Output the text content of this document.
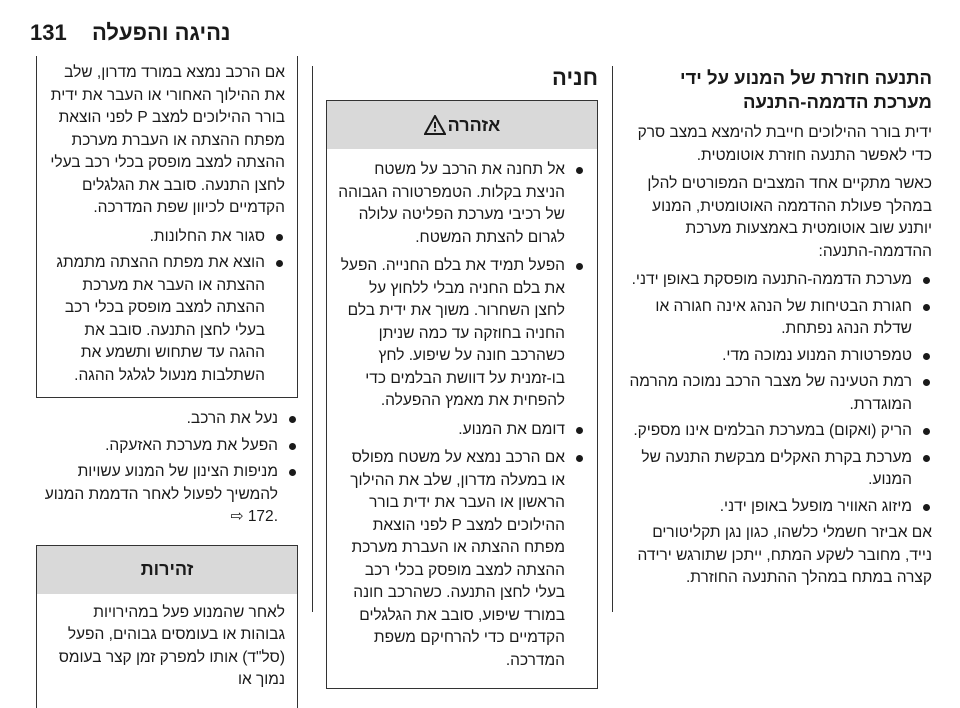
131 נהיגה והפעלה
התנעה חוזרת של המנוע על ידי מערכת הדממה-התנעה

ידית בורר ההילוכים חייבת להימצא במצב סרק כדי לאפשר התנעה חוזרת אוטומטית.

כאשר מתקיים אחד המצבים המפורטים להלן במהלך פעולת ההדממה האוטומטית, המנוע יותנע שוב אוטומטית באמצעות מערכת ההדממה-התנעה:

מערכת הדממה-התנעה מופסקת באופן ידני.
חגורת הבטיחות של הנהג אינה חגורה או שדלת הנהג נפתחת.
טמפרטורת המנוע נמוכה מדי.
רמת הטעינה של מצבר הרכב נמוכה מהרמה המוגדרת.
הריק (ואקום) במערכת הבלמים אינו מספיק.
מערכת בקרת האקלים מבקשת התנעה של המנוע.
מיזוג האוויר מופעל באופן ידני.

אם אביזר חשמלי כלשהו, כגון נגן תקליטורים נייד, מחובר לשקע המתח, ייתכן שתורגש ירידה קצרה במתח במהלך ההתנעה החוזרת.

חניה
אזהרה
אל תחנה את הרכב על משטח הניצת בקלות. הטמפרטורה הגבוהה של רכיבי מערכת הפליטה עלולה לגרום להצתת המשטח.
הפעל תמיד את בלם החנייה. הפעל את בלם החניה מבלי ללחוץ על לחצן השחרור. משוך את ידית בלם החניה בחוזקה עד כמה שניתן כשהרכב חונה על שיפוע. לחץ בו-זמנית על דוושת הבלמים כדי להפחית את מאמץ ההפעלה.
דומם את המנוע.
אם הרכב נמצא על משטח מפולס או במעלה מדרון, שלב את ההילוך הראשון או העבר את ידית בורר ההילוכים למצב P לפני הוצאת מפתח ההצתה או העברת מערכת ההצתה למצב מופסק בכלי רכב בעלי לחצן התנעה. כשהרכב חונה במורד שיפוע, סובב את הגלגלים הקדמיים כדי להרחיקם משפת המדרכה.

אם הרכב נמצא במורד מדרון, שלב את ההילוך האחורי או העבר את ידית בורר ההילוכים למצב P לפני הוצאת מפתח ההצתה או העברת מערכת ההצתה למצב מופסק בכלי רכב בעלי לחצן התנעה. סובב את הגלגלים הקדמיים לכיוון שפת המדרכה.

סגור את החלונות.
הוצא את מפתח ההצתה מתמתג ההצתה או העבר את מערכת ההצתה למצב מופסק בכלי רכב בעלי לחצן התנעה. סובב את ההגה עד שתחוש ותשמע את השתלבות מנעול לגלגל ההגה.
נעל את הרכב.
הפעל את מערכת האזעקה.
מניפות הצינון של המנוע עשויות להמשיך לפעול לאחר הדממת המנוע ⇨ 172.
זהירות

לאחר שהמנוע פעל במהירויות גבוהות או בעומסים גבוהים, הפעל (סל"ד) אותו למפרק זמן קצר בעומס נמוך או
